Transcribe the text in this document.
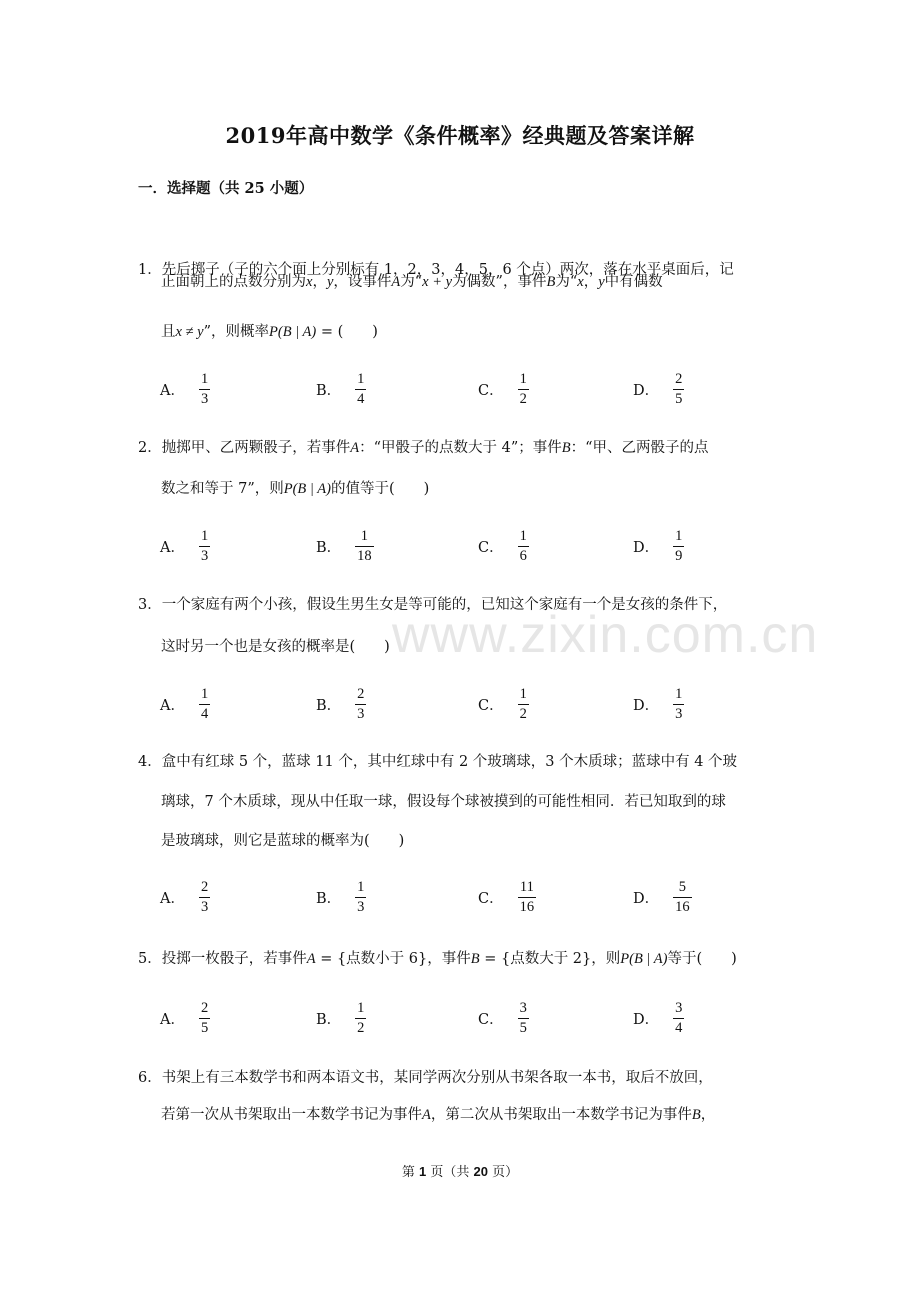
www.zixin.com.cn
2019年高中数学《条件概率》经典题及答案详解
一．选择题（共 25 小题）
1．先后掷子（子的六个面上分别标有 1，2，3，4，5，6 个点）两次，落在水平桌面后，记
正面朝上的点数分别为x，y，设事件A为“x + y为偶数”，事件B为“x，y中有偶数
且x ≠ y”，则概率P(B | A) = (　　)
A． $\frac{1}{3}$	B． $\frac{1}{4}$	C． $\frac{1}{2}$	D． $\frac{2}{5}$
2．抛掷甲、乙两颗骰子，若事件A：“甲骰子的点数大于 4”；事件B：“甲、乙两骰子的点
数之和等于 7”，则P(B | A)的值等于(　　)
A． $\frac{1}{3}$	B． $\frac{1}{18}$	C． $\frac{1}{6}$	D． $\frac{1}{9}$
3．一个家庭有两个小孩，假设生男生女是等可能的，已知这个家庭有一个是女孩的条件下，
这时另一个也是女孩的概率是(　　)
A． $\frac{1}{4}$	B． $\frac{2}{3}$	C． $\frac{1}{2}$	D． $\frac{1}{3}$
4．盒中有红球 5 个，蓝球 11 个，其中红球中有 2 个玻璃球，3 个木质球；蓝球中有 4 个玻
璃球，7 个木质球，现从中任取一球，假设每个球被摸到的可能性相同．若已知取到的球
是玻璃球，则它是蓝球的概率为(　　)
A． $\frac{2}{3}$	B． $\frac{1}{3}$	C． $\frac{11}{16}$	D． $\frac{5}{16}$
5．投掷一枚骰子，若事件A = {点数小于 6}，事件B = {点数大于 2}，则P(B | A)等于(　　)
A． $\frac{2}{5}$	B． $\frac{1}{2}$	C． $\frac{3}{5}$	D． $\frac{3}{4}$
6．书架上有三本数学书和两本语文书，某同学两次分别从书架各取一本书，取后不放回，
若第一次从书架取出一本数学书记为事件A，第二次从书架取出一本数学书记为事件B，
第 1 页（共 20 页）
